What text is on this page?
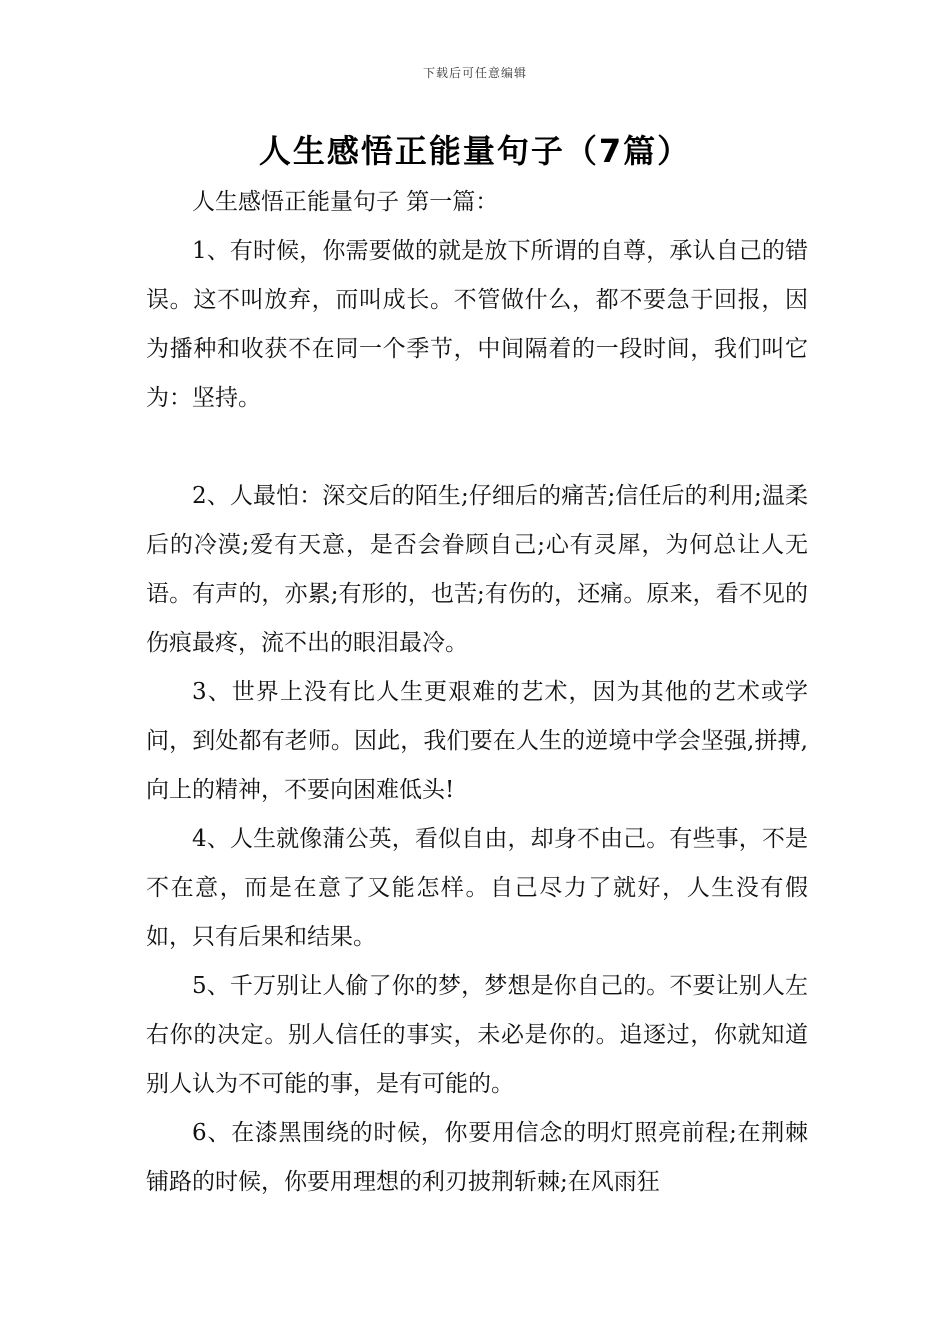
下载后可任意编辑
人生感悟正能量句子（7篇）

人生感悟正能量句子 第一篇：

1、有时候，你需要做的就是放下所谓的自尊，承认自己的错误。这不叫放弃，而叫成长。不管做什么，都不要急于回报，因为播种和收获不在同一个季节，中间隔着的一段时间，我们叫它为：坚持。

2、人最怕：深交后的陌生;仔细后的痛苦;信任后的利用;温柔后的冷漠;爱有天意，是否会眷顾自己;心有灵犀，为何总让人无语。有声的，亦累;有形的，也苦;有伤的，还痛。原来，看不见的伤痕最疼，流不出的眼泪最冷。

3、世界上没有比人生更艰难的艺术，因为其他的艺术或学问，到处都有老师。因此，我们要在人生的逆境中学会坚强,拼搏,向上的精神，不要向困难低头!

4、人生就像蒲公英，看似自由，却身不由己。有些事，不是不在意，而是在意了又能怎样。自己尽力了就好，人生没有假如，只有后果和结果。

5、千万别让人偷了你的梦，梦想是你自己的。不要让别人左右你的决定。别人信任的事实，未必是你的。追逐过，你就知道别人认为不可能的事，是有可能的。

6、在漆黑围绕的时候，你要用信念的明灯照亮前程;在荆棘铺路的时候，你要用理想的利刃披荆斩棘;在风雨狂
